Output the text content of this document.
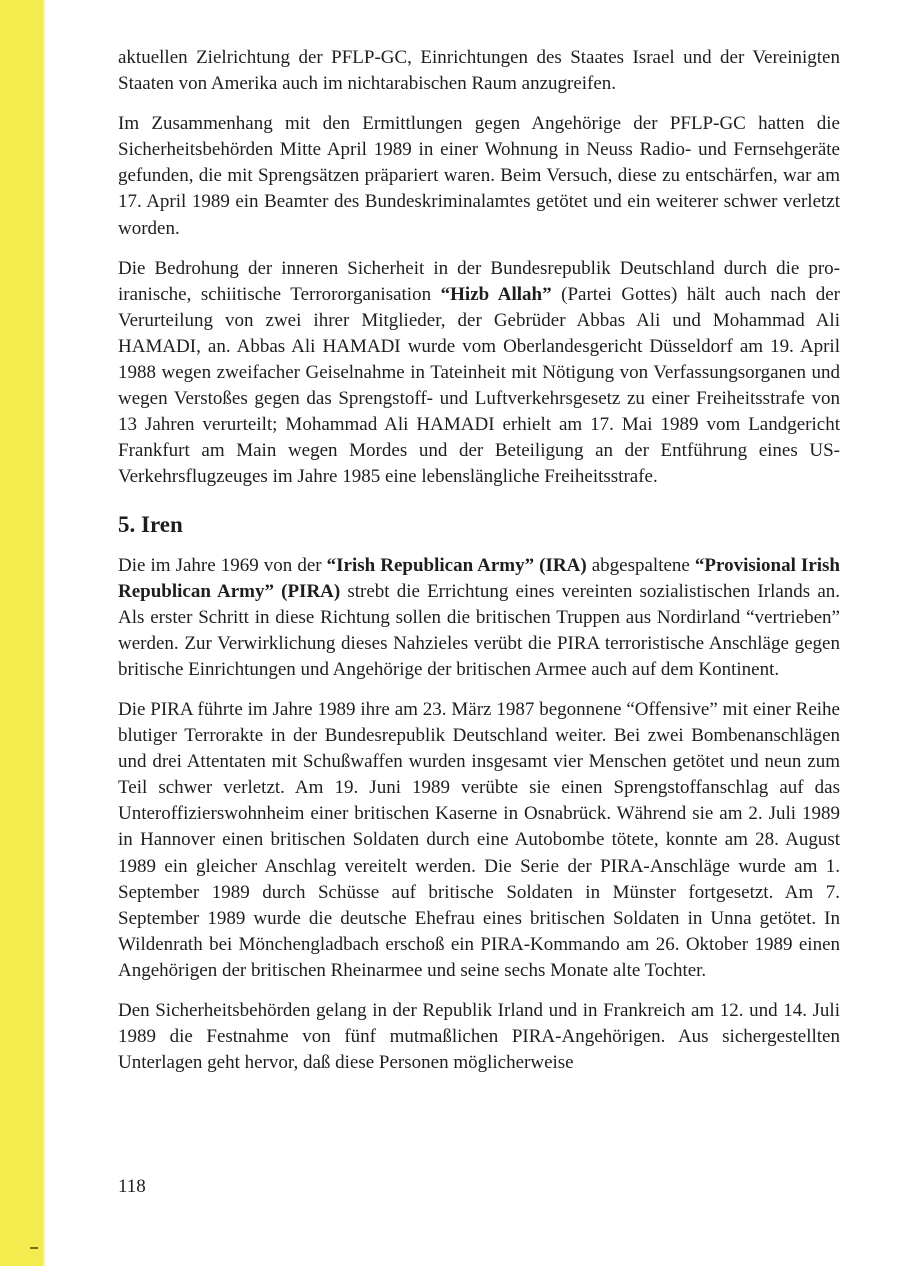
aktuellen Zielrichtung der PFLP-GC, Einrichtungen des Staates Israel und der Vereinigten Staaten von Amerika auch im nichtarabischen Raum anzugreifen.

Im Zusammenhang mit den Ermittlungen gegen Angehörige der PFLP-GC hatten die Sicherheitsbehörden Mitte April 1989 in einer Wohnung in Neuss Radio- und Fernsehgeräte gefunden, die mit Sprengsätzen präpariert waren. Beim Versuch, diese zu entschärfen, war am 17. April 1989 ein Beamter des Bundeskriminalamtes getötet und ein weiterer schwer verletzt worden.

Die Bedrohung der inneren Sicherheit in der Bundesrepublik Deutschland durch die pro-iranische, schiitische Terrororganisation “Hizb Allah” (Partei Gottes) hält auch nach der Verurteilung von zwei ihrer Mitglieder, der Gebrüder Abbas Ali und Mohammad Ali HAMADI, an. Abbas Ali HAMADI wurde vom Oberlandesgericht Düsseldorf am 19. April 1988 wegen zweifacher Geiselnahme in Tateinheit mit Nötigung von Verfassungsorganen und wegen Verstoßes gegen das Sprengstoff- und Luftverkehrsgesetz zu einer Freiheitsstrafe von 13 Jahren verurteilt; Mohammad Ali HAMADI erhielt am 17. Mai 1989 vom Landgericht Frankfurt am Main wegen Mordes und der Beteiligung an der Entführung eines US-Verkehrsflugzeuges im Jahre 1985 eine lebenslängliche Freiheitsstrafe.

5. Iren

Die im Jahre 1969 von der “Irish Republican Army” (IRA) abgespaltene “Provisional Irish Republican Army” (PIRA) strebt die Errichtung eines vereinten sozialistischen Irlands an. Als erster Schritt in diese Richtung sollen die britischen Truppen aus Nordirland “vertrieben” werden. Zur Verwirklichung dieses Nahzieles verübt die PIRA terroristische Anschläge gegen britische Einrichtungen und Angehörige der britischen Armee auch auf dem Kontinent.

Die PIRA führte im Jahre 1989 ihre am 23. März 1987 begonnene “Offensive” mit einer Reihe blutiger Terrorakte in der Bundesrepublik Deutschland weiter. Bei zwei Bombenanschlägen und drei Attentaten mit Schußwaffen wurden insgesamt vier Menschen getötet und neun zum Teil schwer verletzt. Am 19. Juni 1989 verübte sie einen Sprengstoffanschlag auf das Unteroffizierswohnheim einer britischen Kaserne in Osnabrück. Während sie am 2. Juli 1989 in Hannover einen britischen Soldaten durch eine Autobombe tötete, konnte am 28. August 1989 ein gleicher Anschlag vereitelt werden. Die Serie der PIRA-Anschläge wurde am 1. September 1989 durch Schüsse auf britische Soldaten in Münster fortgesetzt. Am 7. September 1989 wurde die deutsche Ehefrau eines britischen Soldaten in Unna getötet. In Wildenrath bei Mönchengladbach erschoß ein PIRA-Kommando am 26. Oktober 1989 einen Angehörigen der britischen Rheinarmee und seine sechs Monate alte Tochter.

Den Sicherheitsbehörden gelang in der Republik Irland und in Frankreich am 12. und 14. Juli 1989 die Festnahme von fünf mutmaßlichen PIRA-Angehörigen. Aus sichergestellten Unterlagen geht hervor, daß diese Personen möglicherweise

118
